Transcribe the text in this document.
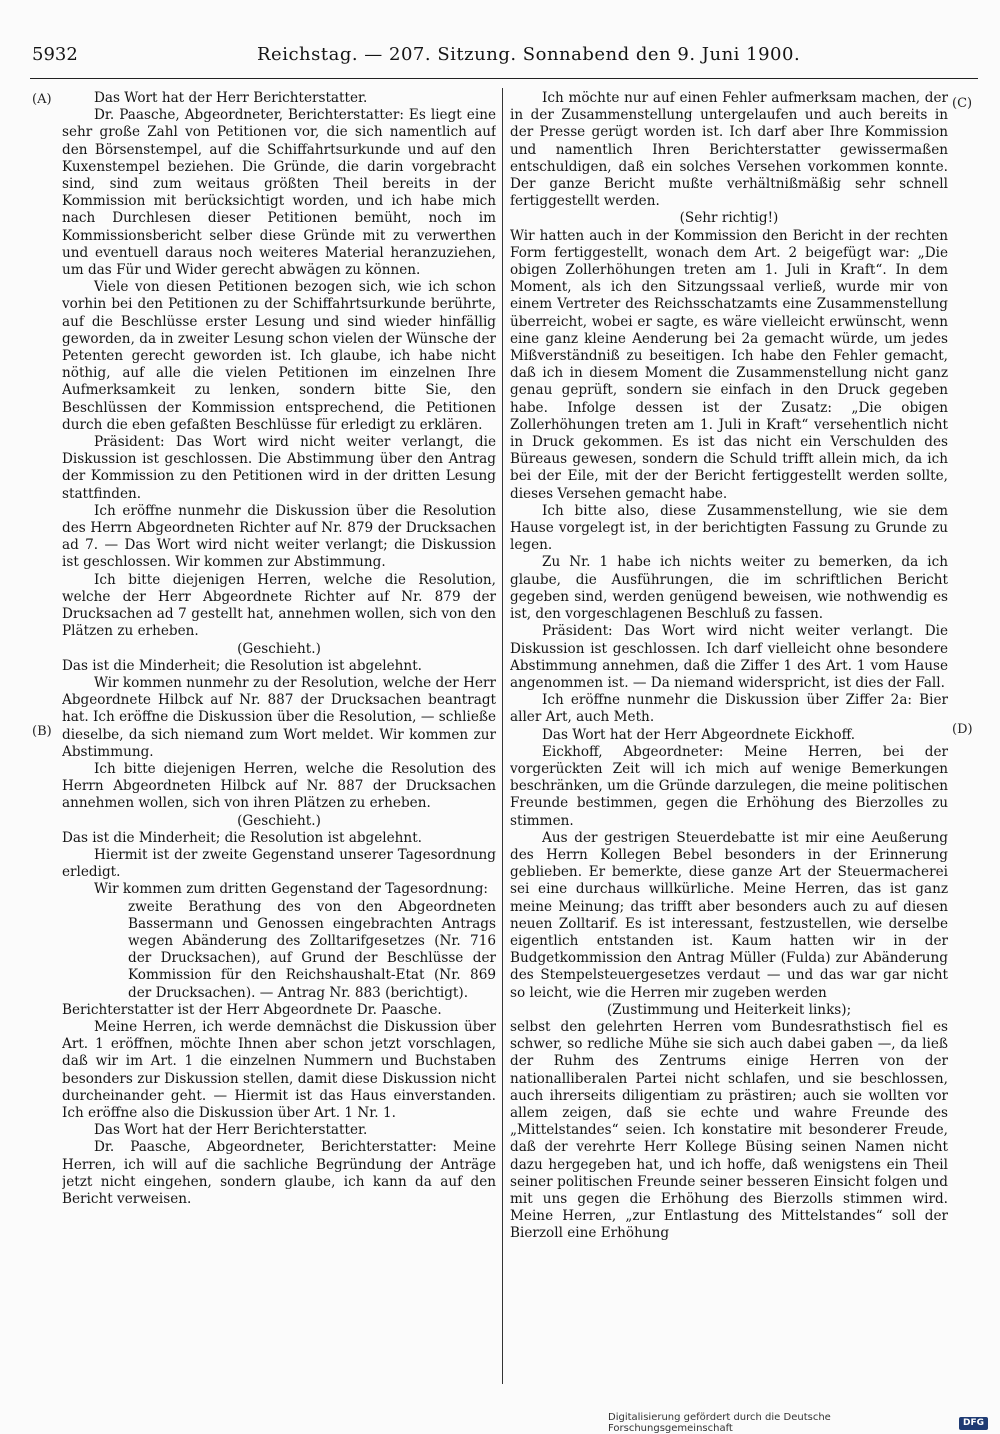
5932	Reichstag. — 207. Sitzung. Sonnabend den 9. Juni 1900.
(A)
(B)
(C)
(D)

Das Wort hat der Herr Berichterstatter.

Dr. Paasche, Abgeordneter, Berichterstatter: Es liegt eine sehr große Zahl von Petitionen vor, die sich namentlich auf den Börsenstempel, auf die Schiffahrtsurkunde und auf den Kuxenstempel beziehen. Die Gründe, die darin vorgebracht sind, sind zum weitaus größten Theil bereits in der Kommission mit berücksichtigt worden, und ich habe mich nach Durchlesen dieser Petitionen bemüht, noch im Kommissionsbericht selber diese Gründe mit zu verwerthen und eventuell daraus noch weiteres Material heranzuziehen, um das Für und Wider gerecht abwägen zu können.

Viele von diesen Petitionen bezogen sich, wie ich schon vorhin bei den Petitionen zu der Schiffahrtsurkunde berührte, auf die Beschlüsse erster Lesung und sind wieder hinfällig geworden, da in zweiter Lesung schon vielen der Wünsche der Petenten gerecht geworden ist. Ich glaube, ich habe nicht nöthig, auf alle die vielen Petitionen im einzelnen Ihre Aufmerksamkeit zu lenken, sondern bitte Sie, den Beschlüssen der Kommission entsprechend, die Petitionen durch die eben gefaßten Beschlüsse für erledigt zu erklären.

Präsident: Das Wort wird nicht weiter verlangt, die Diskussion ist geschlossen. Die Abstimmung über den Antrag der Kommission zu den Petitionen wird in der dritten Lesung stattfinden.

Ich eröffne nunmehr die Diskussion über die Resolution des Herrn Abgeordneten Richter auf Nr. 879 der Drucksachen ad 7. — Das Wort wird nicht weiter verlangt; die Diskussion ist geschlossen. Wir kommen zur Abstimmung.

Ich bitte diejenigen Herren, welche die Resolution, welche der Herr Abgeordnete Richter auf Nr. 879 der Drucksachen ad 7 gestellt hat, annehmen wollen, sich von den Plätzen zu erheben.

(Geschieht.)

Das ist die Minderheit; die Resolution ist abgelehnt.

Wir kommen nunmehr zu der Resolution, welche der Herr Abgeordnete Hilbck auf Nr. 887 der Drucksachen beantragt hat. Ich eröffne die Diskussion über die Resolution, — schließe dieselbe, da sich niemand zum Wort meldet. Wir kommen zur Abstimmung.

Ich bitte diejenigen Herren, welche die Resolution des Herrn Abgeordneten Hilbck auf Nr. 887 der Drucksachen annehmen wollen, sich von ihren Plätzen zu erheben.

(Geschieht.)

Das ist die Minderheit; die Resolution ist abgelehnt.

Hiermit ist der zweite Gegenstand unserer Tagesordnung erledigt.

Wir kommen zum dritten Gegenstand der Tagesordnung:

zweite Berathung des von den Abgeordneten Bassermann und Genossen eingebrachten Antrags wegen Abänderung des Zolltarifgesetzes (Nr. 716 der Drucksachen), auf Grund der Beschlüsse der Kommission für den Reichshaushalt-Etat (Nr. 869 der Drucksachen). — Antrag Nr. 883 (berichtigt).

Berichterstatter ist der Herr Abgeordnete Dr. Paasche.

Meine Herren, ich werde demnächst die Diskussion über Art. 1 eröffnen, möchte Ihnen aber schon jetzt vorschlagen, daß wir im Art. 1 die einzelnen Nummern und Buchstaben besonders zur Diskussion stellen, damit diese Diskussion nicht durcheinander geht. — Hiermit ist das Haus einverstanden. Ich eröffne also die Diskussion über Art. 1 Nr. 1.

Das Wort hat der Herr Berichterstatter.

Dr. Paasche, Abgeordneter, Berichterstatter: Meine Herren, ich will auf die sachliche Begründung der Anträge jetzt nicht eingehen, sondern glaube, ich kann da auf den Bericht verweisen.

Ich möchte nur auf einen Fehler aufmerksam machen, der in der Zusammenstellung untergelaufen und auch bereits in der Presse gerügt worden ist. Ich darf aber Ihre Kommission und namentlich Ihren Berichterstatter gewissermaßen entschuldigen, daß ein solches Versehen vorkommen konnte. Der ganze Bericht mußte verhältnißmäßig sehr schnell fertiggestellt werden.

(Sehr richtig!)

Wir hatten auch in der Kommission den Bericht in der rechten Form fertiggestellt, wonach dem Art. 2 beigefügt war: „Die obigen Zollerhöhungen treten am 1. Juli in Kraft“. In dem Moment, als ich den Sitzungssaal verließ, wurde mir von einem Vertreter des Reichsschatzamts eine Zusammenstellung überreicht, wobei er sagte, es wäre vielleicht erwünscht, wenn eine ganz kleine Aenderung bei 2a gemacht würde, um jedes Mißverständniß zu beseitigen. Ich habe den Fehler gemacht, daß ich in diesem Moment die Zusammenstellung nicht ganz genau geprüft, sondern sie einfach in den Druck gegeben habe. Infolge dessen ist der Zusatz: „Die obigen Zollerhöhungen treten am 1. Juli in Kraft“ versehentlich nicht in Druck gekommen. Es ist das nicht ein Verschulden des Büreaus gewesen, sondern die Schuld trifft allein mich, da ich bei der Eile, mit der der Bericht fertiggestellt werden sollte, dieses Versehen gemacht habe.

Ich bitte also, diese Zusammenstellung, wie sie dem Hause vorgelegt ist, in der berichtigten Fassung zu Grunde zu legen.

Zu Nr. 1 habe ich nichts weiter zu bemerken, da ich glaube, die Ausführungen, die im schriftlichen Bericht gegeben sind, werden genügend beweisen, wie nothwendig es ist, den vorgeschlagenen Beschluß zu fassen.

Präsident: Das Wort wird nicht weiter verlangt. Die Diskussion ist geschlossen. Ich darf vielleicht ohne besondere Abstimmung annehmen, daß die Ziffer 1 des Art. 1 vom Hause angenommen ist. — Da niemand widerspricht, ist dies der Fall.

Ich eröffne nunmehr die Diskussion über Ziffer 2a: Bier aller Art, auch Meth.

Das Wort hat der Herr Abgeordnete Eickhoff.

Eickhoff, Abgeordneter: Meine Herren, bei der vorgerückten Zeit will ich mich auf wenige Bemerkungen beschränken, um die Gründe darzulegen, die meine politischen Freunde bestimmen, gegen die Erhöhung des Bierzolles zu stimmen.

Aus der gestrigen Steuerdebatte ist mir eine Aeußerung des Herrn Kollegen Bebel besonders in der Erinnerung geblieben. Er bemerkte, diese ganze Art der Steuermacherei sei eine durchaus willkürliche. Meine Herren, das ist ganz meine Meinung; das trifft aber besonders auch zu auf diesen neuen Zolltarif. Es ist interessant, festzustellen, wie derselbe eigentlich entstanden ist. Kaum hatten wir in der Budgetkommission den Antrag Müller (Fulda) zur Abänderung des Stempelsteuergesetzes verdaut — und das war gar nicht so leicht, wie die Herren mir zugeben werden

(Zustimmung und Heiterkeit links);

selbst den gelehrten Herren vom Bundesrathstisch fiel es schwer, so redliche Mühe sie sich auch dabei gaben —, da ließ der Ruhm des Zentrums einige Herren von der nationalliberalen Partei nicht schlafen, und sie beschlossen, auch ihrerseits diligentiam zu prästiren; auch sie wollten vor allem zeigen, daß sie echte und wahre Freunde des „Mittelstandes“ seien. Ich konstatire mit besonderer Freude, daß der verehrte Herr Kollege Büsing seinen Namen nicht dazu hergegeben hat, und ich hoffe, daß wenigstens ein Theil seiner politischen Freunde seiner besseren Einsicht folgen und mit uns gegen die Erhöhung des Bierzolls stimmen wird. Meine Herren, „zur Entlastung des Mittelstandes“ soll der Bierzoll eine Erhöhung

Digitalisierung gefördert durch die Deutsche Forschungsgemeinschaft
DFG
